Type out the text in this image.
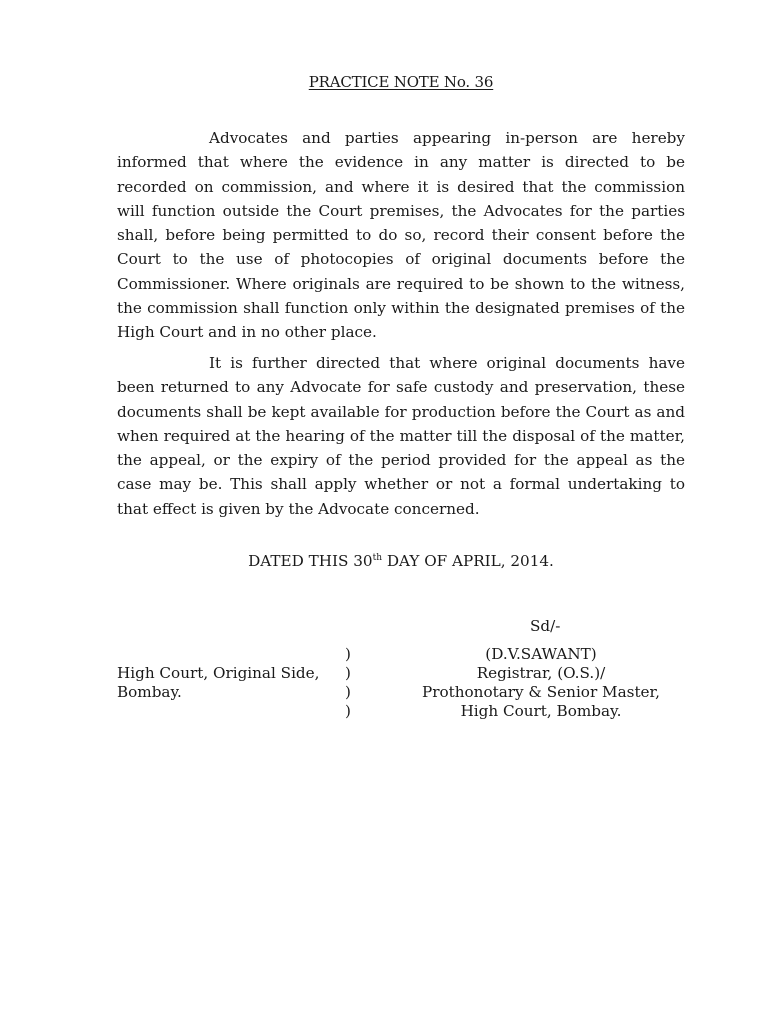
PRACTICE NOTE No. 36

Advocates and parties appearing in-person are hereby informed that where the evidence in any matter is directed to be recorded on commission, and where it is desired that the commission will function outside the Court premises, the Advocates for the parties shall, before being permitted to do so, record their consent before the Court to the use of photocopies of original documents before the Commissioner. Where originals are required to be shown to the witness, the commission shall function only within the designated premises of the High Court and in no other place.

It is further directed that where original documents have been returned to any Advocate for safe custody and preservation, these documents shall be kept available for production before the Court as and when required at the hearing of the matter till the disposal of the matter, the appeal, or the expiry of the period provided for the appeal as the case may be. This shall apply whether or not a formal undertaking to that effect is given by the Advocate concerned.

DATED THIS 30th DAY OF APRIL, 2014.
Sd/-
)	(D.V.SAWANT)
High Court, Original Side, )	Registrar, (O.S.)/
Bombay.	)	Prothonotary & Senior Master,
)	High Court, Bombay.
